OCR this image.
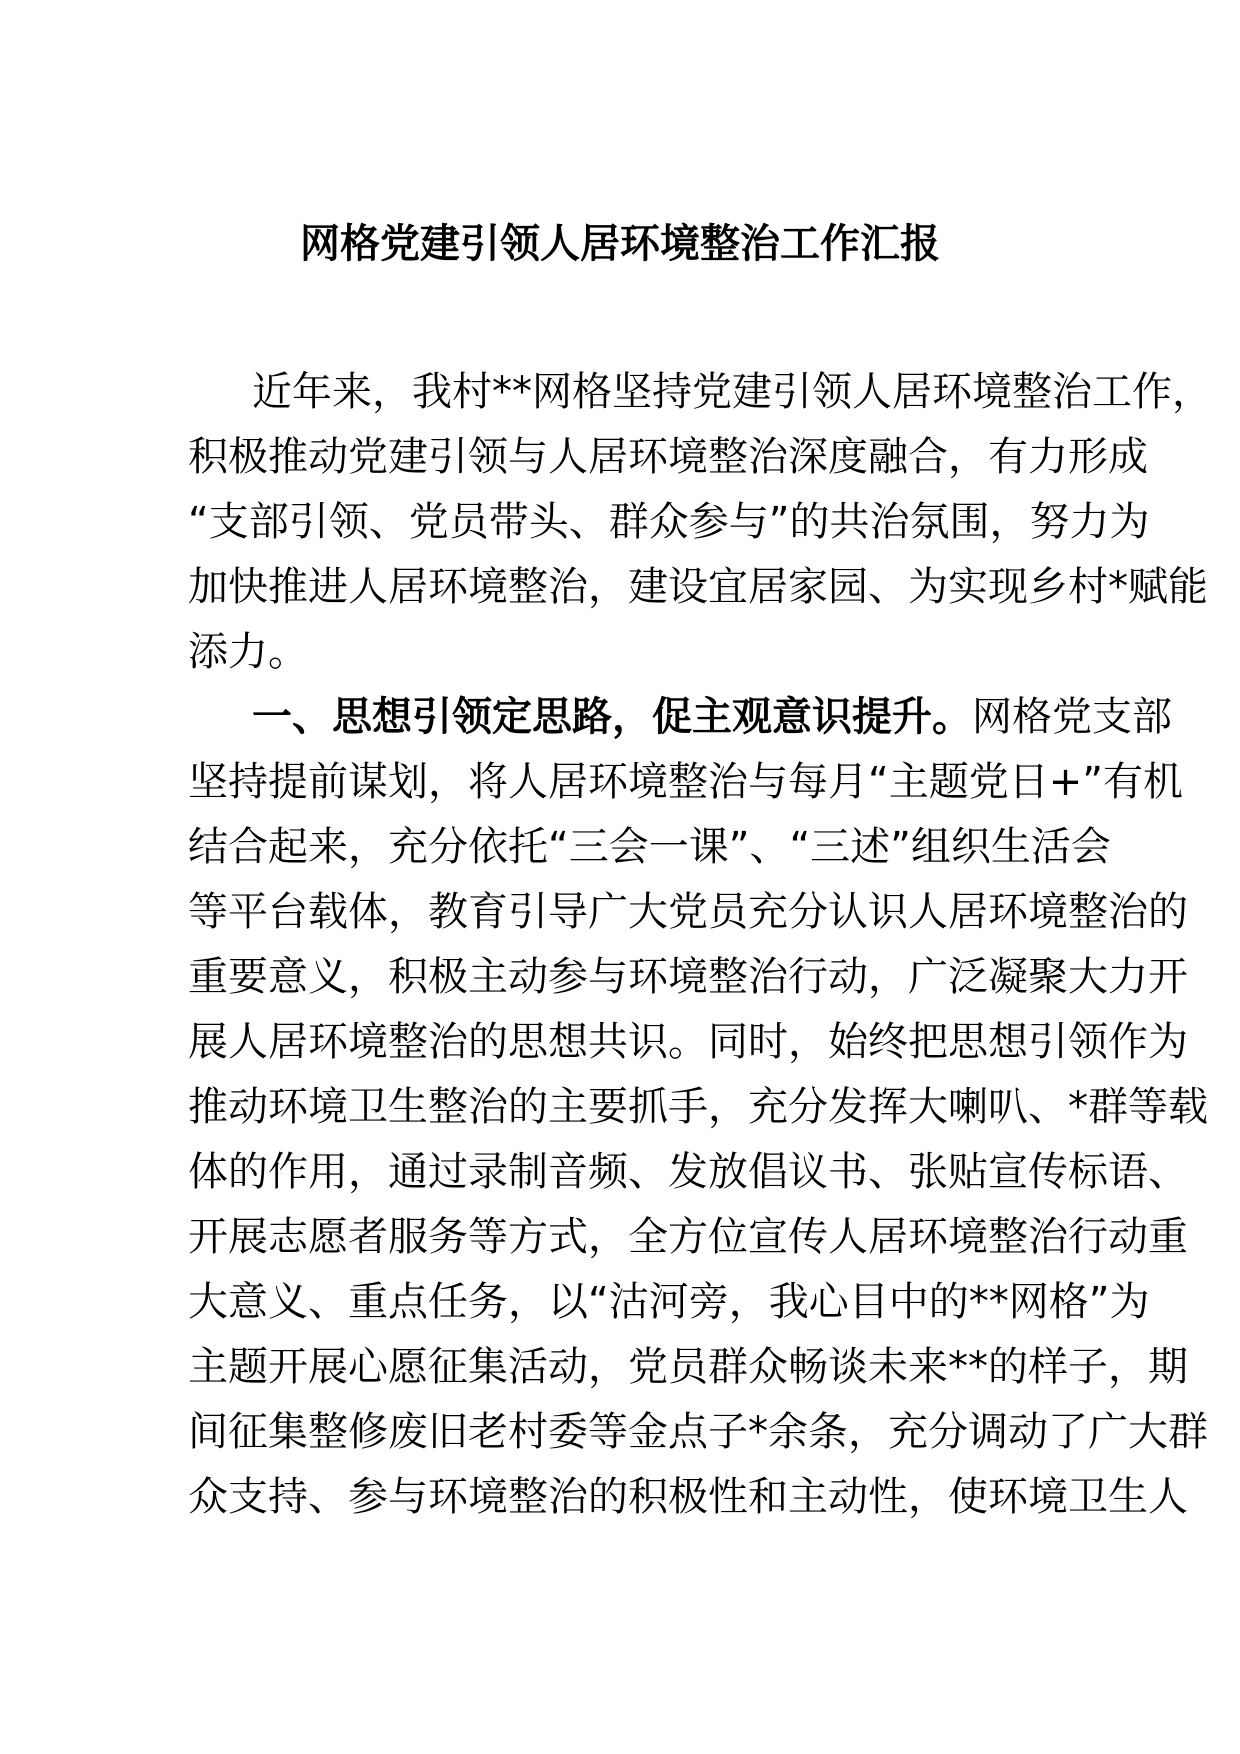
网格党建引领人居环境整治工作汇报
近年来，我村**网格坚持党建引领人居环境整治工作，
积极推动党建引领与人居环境整治深度融合，有力形成
“支部引领、党员带头、群众参与”的共治氛围，努力为
加快推进人居环境整治，建设宜居家园、为实现乡村*赋能
添力。
一、思想引领定思路，促主观意识提升。网格党支部
坚持提前谋划，将人居环境整治与每月“主题党日+”有机
结合起来，充分依托“三会一课”、“三述”组织生活会
等平台载体，教育引导广大党员充分认识人居环境整治的
重要意义，积极主动参与环境整治行动，广泛凝聚大力开
展人居环境整治的思想共识。同时，始终把思想引领作为
推动环境卫生整治的主要抓手，充分发挥大喇叭、*群等载
体的作用，通过录制音频、发放倡议书、张贴宣传标语、
开展志愿者服务等方式，全方位宣传人居环境整治行动重
大意义、重点任务，以“沽河旁，我心目中的**网格”为
主题开展心愿征集活动，党员群众畅谈未来**的样子，期
间征集整修废旧老村委等金点子*余条，充分调动了广大群
众支持、参与环境整治的积极性和主动性，使环境卫生人
